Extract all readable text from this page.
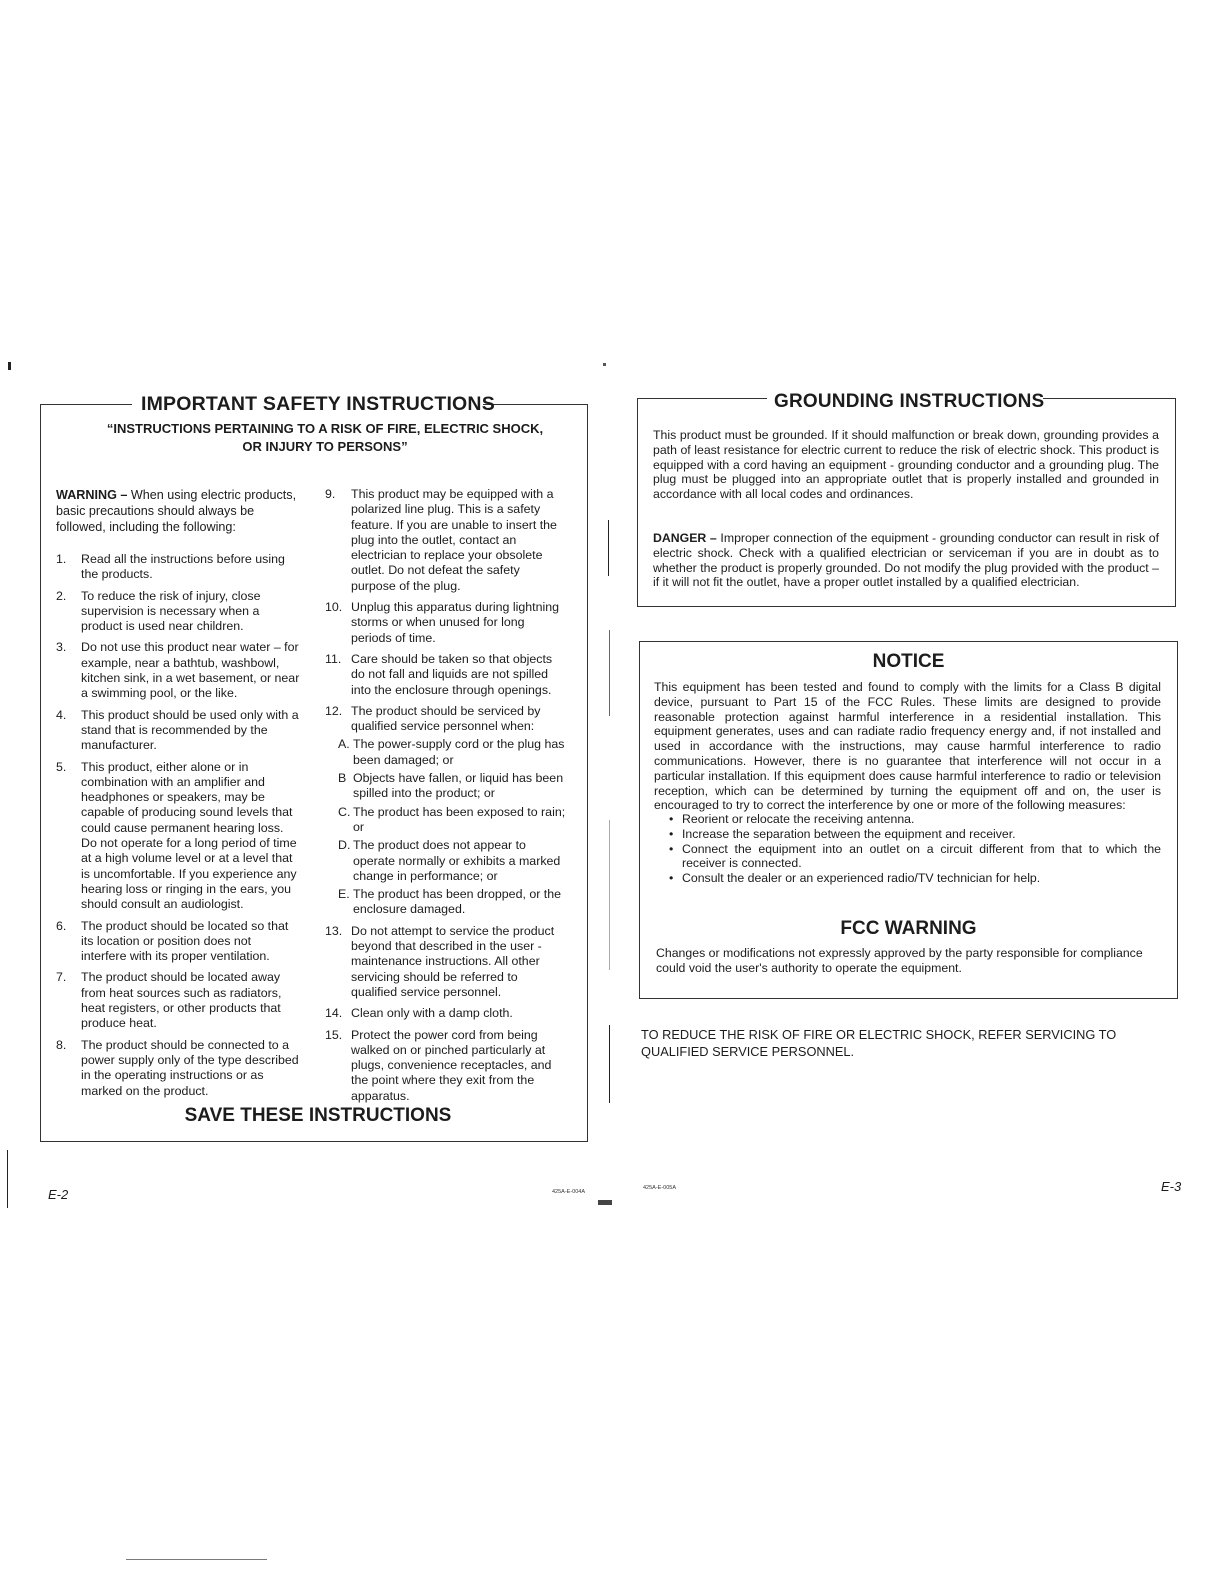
IMPORTANT SAFETY INSTRUCTIONS
“INSTRUCTIONS PERTAINING TO A RISK OF FIRE, ELECTRIC SHOCK,
OR INJURY TO PERSONS”
WARNING – When using electric products, basic precautions should always be followed, including the following:
1. Read all the instructions before using the products.
2. To reduce the risk of injury, close supervision is necessary when a product is used near children.
3. Do not use this product near water – for example, near a bathtub, washbowl, kitchen sink, in a wet basement, or near a swimming pool, or the like.
4. This product should be used only with a stand that is recommended by the manufacturer.
5. This product, either alone or in combination with an amplifier and headphones or speakers, may be capable of producing sound levels that could cause permanent hearing loss. Do not operate for a long period of time at a high volume level or at a level that is uncomfortable. If you experience any hearing loss or ringing in the ears, you should consult an audiologist.
6. The product should be located so that its location or position does not interfere with its proper ventilation.
7. The product should be located away from heat sources such as radiators, heat registers, or other products that produce heat.
8. The product should be connected to a power supply only of the type described in the operating instructions or as marked on the product.
9. This product may be equipped with a polarized line plug. This is a safety feature. If you are unable to insert the plug into the outlet, contact an electrician to replace your obsolete outlet. Do not defeat the safety purpose of the plug.
10. Unplug this apparatus during lightning storms or when unused for long periods of time.
11. Care should be taken so that objects do not fall and liquids are not spilled into the enclosure through openings.
12. The product should be serviced by qualified service personnel when:
A. The power-supply cord or the plug has been damaged; or
B Objects have fallen, or liquid has been spilled into the product; or
C. The product has been exposed to rain; or
D. The product does not appear to operate normally or exhibits a marked change in performance; or
E. The product has been dropped, or the enclosure damaged.
13. Do not attempt to service the product beyond that described in the user - maintenance instructions. All other servicing should be referred to qualified service personnel.
14. Clean only with a damp cloth.
15. Protect the power cord from being walked on or pinched particularly at plugs, convenience receptacles, and the point where they exit from the apparatus.
SAVE THESE INSTRUCTIONS
E-2	425A-E-004A
GROUNDING INSTRUCTIONS
This product must be grounded. If it should malfunction or break down, grounding provides a path of least resistance for electric current to reduce the risk of electric shock. This product is equipped with a cord having an equipment - grounding conductor and a grounding plug. The plug must be plugged into an appropriate outlet that is properly installed and grounded in accordance with all local codes and ordinances.
DANGER – Improper connection of the equipment - grounding conductor can result in risk of electric shock. Check with a qualified electrician or serviceman if you are in doubt as to whether the product is properly grounded. Do not modify the plug provided with the product – if it will not fit the outlet, have a proper outlet installed by a qualified electrician.
NOTICE
This equipment has been tested and found to comply with the limits for a Class B digital device, pursuant to Part 15 of the FCC Rules. These limits are designed to provide reasonable protection against harmful interference in a residential installation. This equipment generates, uses and can radiate radio frequency energy and, if not installed and used in accordance with the instructions, may cause harmful interference to radio communications. However, there is no guarantee that interference will not occur in a particular installation. If this equipment does cause harmful interference to radio or television reception, which can be determined by turning the equipment off and on, the user is encouraged to try to correct the interference by one or more of the following measures:
• Reorient or relocate the receiving antenna.
• Increase the separation between the equipment and receiver.
• Connect the equipment into an outlet on a circuit different from that to which the receiver is connected.
• Consult the dealer or an experienced radio/TV technician for help.
FCC WARNING
Changes or modifications not expressly approved by the party responsible for compliance could void the user's authority to operate the equipment.
TO REDUCE THE RISK OF FIRE OR ELECTRIC SHOCK, REFER SERVICING TO QUALIFIED SERVICE PERSONNEL.
425A-E-005A	E-3
